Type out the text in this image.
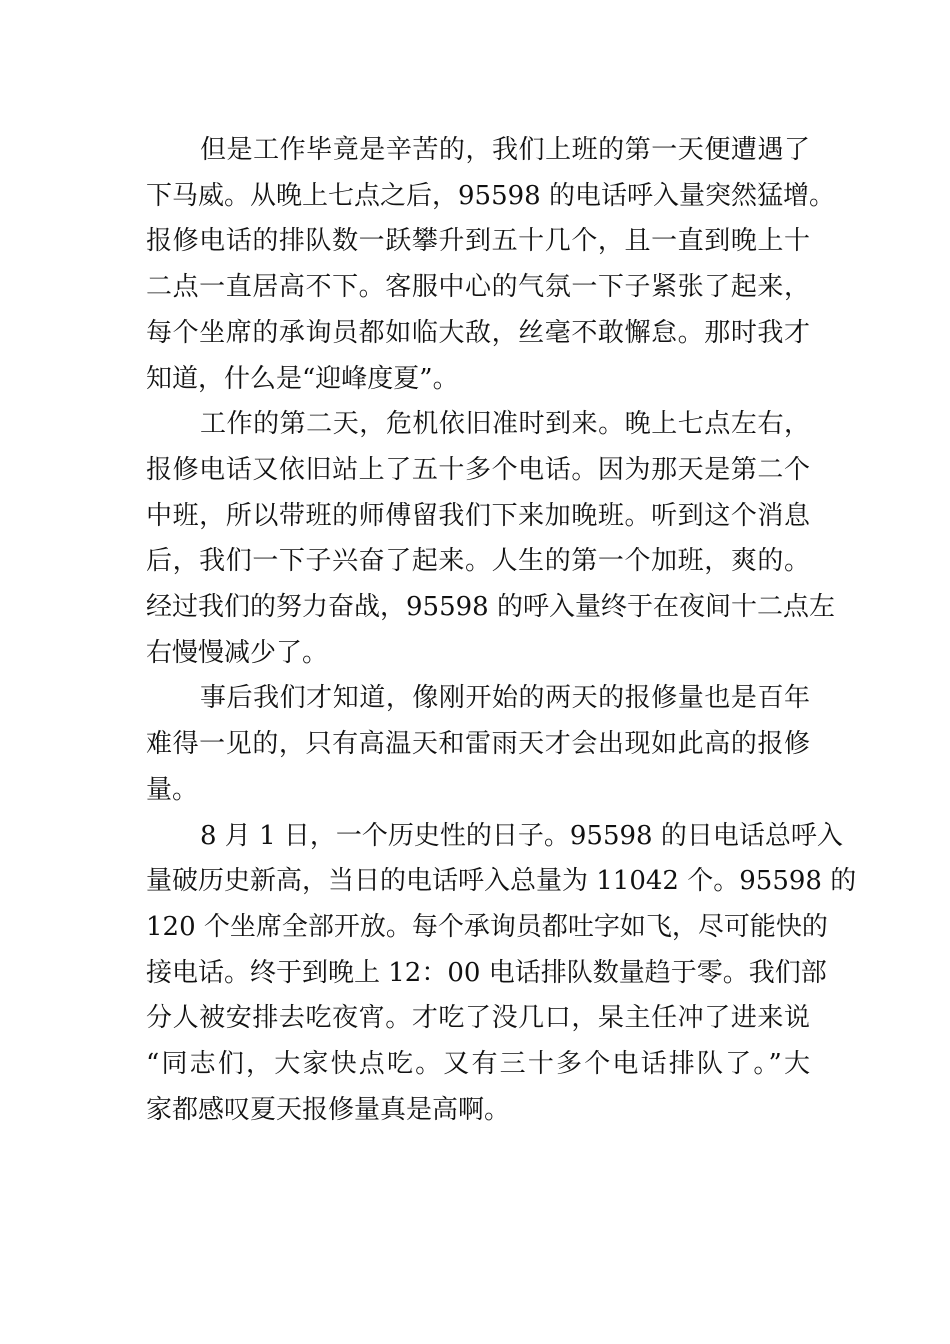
但是工作毕竟是辛苦的，我们上班的第一天便遭遇了
下马威。从晚上七点之后，95598 的电话呼入量突然猛增。
报修电话的排队数一跃攀升到五十几个，且一直到晚上十
二点一直居高不下。客服中心的气氛一下子紧张了起来，
每个坐席的承询员都如临大敌，丝毫不敢懈怠。那时我才
知道，什么是“迎峰度夏”。
工作的第二天，危机依旧准时到来。晚上七点左右，
报修电话又依旧站上了五十多个电话。因为那天是第二个
中班，所以带班的师傅留我们下来加晚班。听到这个消息
后，我们一下子兴奋了起来。人生的第一个加班，爽的。
经过我们的努力奋战，95598 的呼入量终于在夜间十二点左
右慢慢减少了。
事后我们才知道，像刚开始的两天的报修量也是百年
难得一见的，只有高温天和雷雨天才会出现如此高的报修
量。
8 月 1 日，一个历史性的日子。95598 的日电话总呼入
量破历史新高，当日的电话呼入总量为 11042 个。95598 的
120 个坐席全部开放。每个承询员都吐字如飞，尽可能快的
接电话。终于到晚上 12：00 电话排队数量趋于零。我们部
分人被安排去吃夜宵。才吃了没几口，杲主任冲了进来说
“同志们，大家快点吃。又有三十多个电话排队了。”大
家都感叹夏天报修量真是高啊。
